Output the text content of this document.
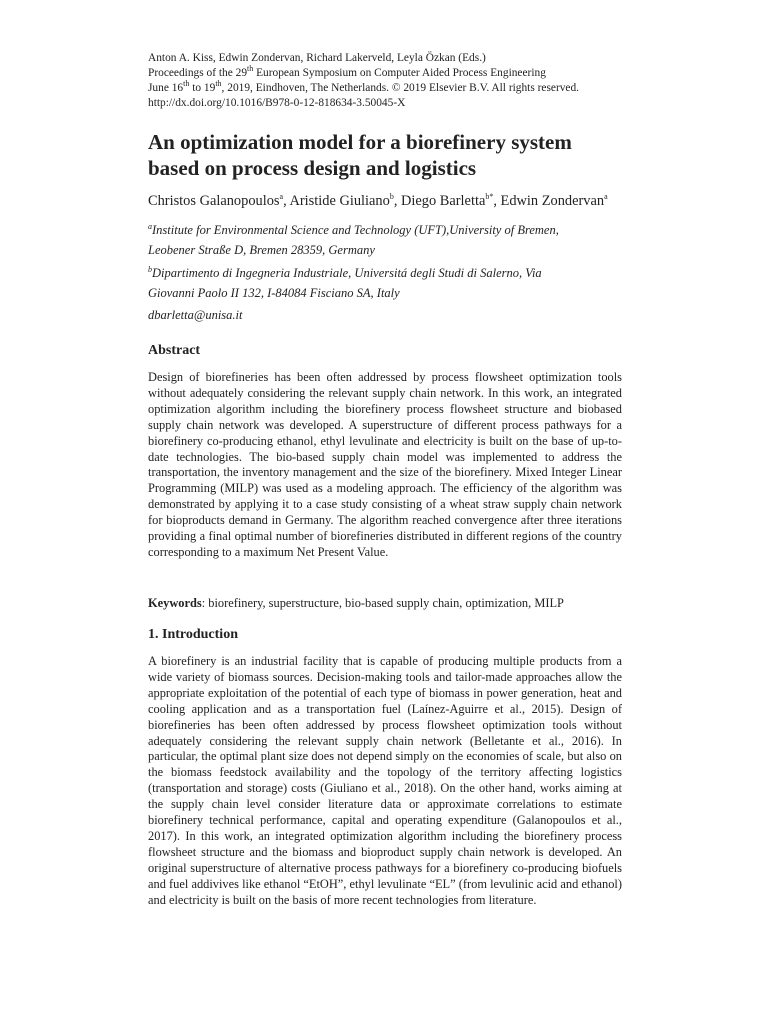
Anton A. Kiss, Edwin Zondervan, Richard Lakerveld, Leyla Özkan (Eds.)
Proceedings of the 29th European Symposium on Computer Aided Process Engineering
June 16th to 19th, 2019, Eindhoven, The Netherlands. © 2019 Elsevier B.V. All rights reserved.
http://dx.doi.org/10.1016/B978-0-12-818634-3.50045-X
An optimization model for a biorefinery system
based on process design and logistics
Christos Galanopoulos$^a$, Aristide Giuliano$^b$, Diego Barletta$^{b*}$, Edwin Zondervan$^a$
$^a$Institute for Environmental Science and Technology (UFT),University of Bremen,
Leobener Straße D, Bremen 28359, Germany
$^b$Dipartimento di Ingegneria Industriale, Universitá degli Studi di Salerno, Via
Giovanni Paolo II 132, I-84084 Fisciano SA, Italy
dbarletta@unisa.it
Abstract
Design of biorefineries has been often addressed by process flowsheet optimization tools without adequately considering the relevant supply chain network. In this work, an integrated optimization algorithm including the biorefinery process flowsheet structure and biobased supply chain network was developed. A superstructure of different process pathways for a biorefinery co-producing ethanol, ethyl levulinate and electricity is built on the base of up-to-date technologies. The bio-based supply chain model was implemented to address the transportation, the inventory management and the size of the biorefinery. Mixed Integer Linear Programming (MILP) was used as a modeling approach. The efficiency of the algorithm was demonstrated by applying it to a case study consisting of a wheat straw supply chain network for bioproducts demand in Germany. The algorithm reached convergence after three iterations providing a final optimal number of biorefineries distributed in different regions of the country corresponding to a maximum Net Present Value.
Keywords: biorefinery, superstructure, bio-based supply chain, optimization, MILP
1. Introduction
A biorefinery is an industrial facility that is capable of producing multiple products from a wide variety of biomass sources. Decision-making tools and tailor-made approaches allow the appropriate exploitation of the potential of each type of biomass in power generation, heat and cooling application and as a transportation fuel (Laínez-Aguirre et al., 2015). Design of biorefineries has been often addressed by process flowsheet optimization tools without adequately considering the relevant supply chain network (Belletante et al., 2016). In particular, the optimal plant size does not depend simply on the economies of scale, but also on the biomass feedstock availability and the topology of the territory affecting logistics (transportation and storage) costs (Giuliano et al., 2018). On the other hand, works aiming at the supply chain level consider literature data or approximate correlations to estimate biorefinery technical performance, capital and operating expenditure (Galanopoulos et al., 2017). In this work, an integrated optimization algorithm including the biorefinery process flowsheet structure and the biomass and bioproduct supply chain network is developed. An original superstructure of alternative process pathways for a biorefinery co-producing biofuels and fuel addivives like ethanol “EtOH”, ethyl levulinate “EL” (from levulinic acid and ethanol) and electricity is built on the basis of more recent technologies from literature.
